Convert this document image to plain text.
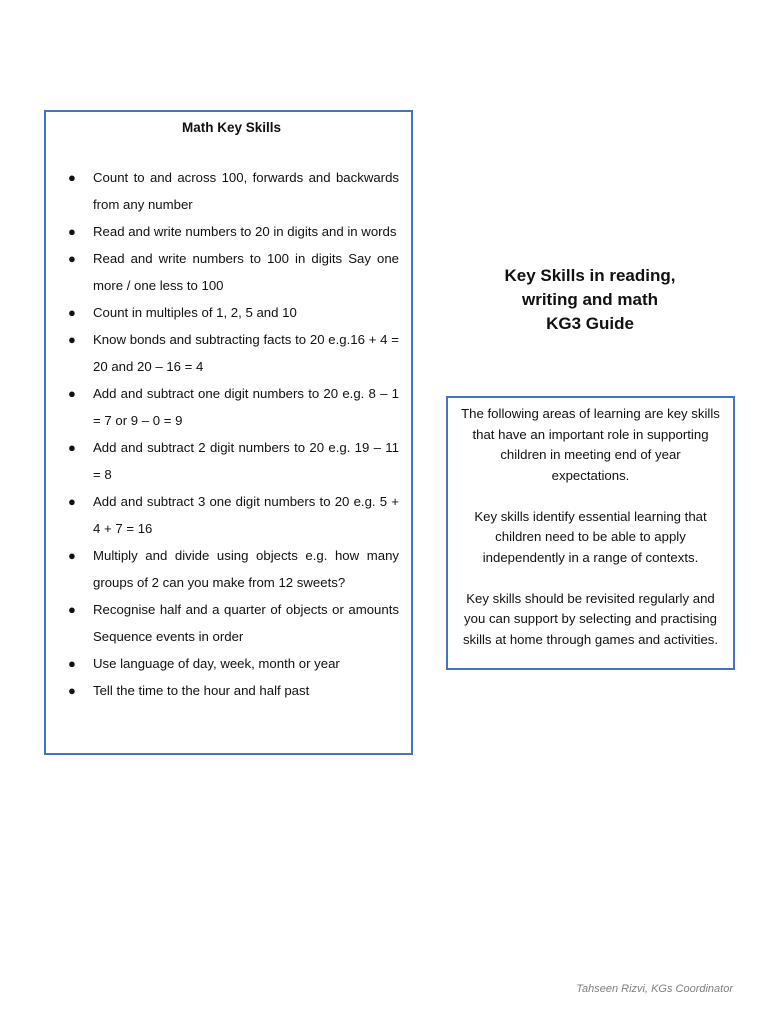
Math Key Skills
● Count to and across 100, forwards and backwards from any number
● Read and write numbers to 20 in digits and in words
● Read and write numbers to 100 in digits Say one more / one less to 100
● Count in multiples of 1, 2, 5 and 10
● Know bonds and subtracting facts to 20 e.g.16 + 4 = 20 and 20 – 16 = 4
● Add and subtract one digit numbers to 20 e.g. 8 – 1 = 7 or 9 – 0 = 9
● Add and subtract 2 digit numbers to 20 e.g. 19 – 11 = 8
● Add and subtract 3 one digit numbers to 20 e.g. 5 + 4 + 7 = 16
● Multiply and divide using objects e.g. how many groups of 2 can you make from 12 sweets?
● Recognise half and a quarter of objects or amounts Sequence events in order
● Use language of day, week, month or year
● Tell the time to the hour and half past
Key Skills in reading,
writing and math
KG3 Guide

The following areas of learning are key skills that have an important role in supporting children in meeting end of year expectations.

Key skills identify essential learning that children need to be able to apply independently in a range of contexts.

Key skills should be revisited regularly and you can support by selecting and practising skills at home through games and activities.

Tahseen Rizvi, KGs Coordinator
